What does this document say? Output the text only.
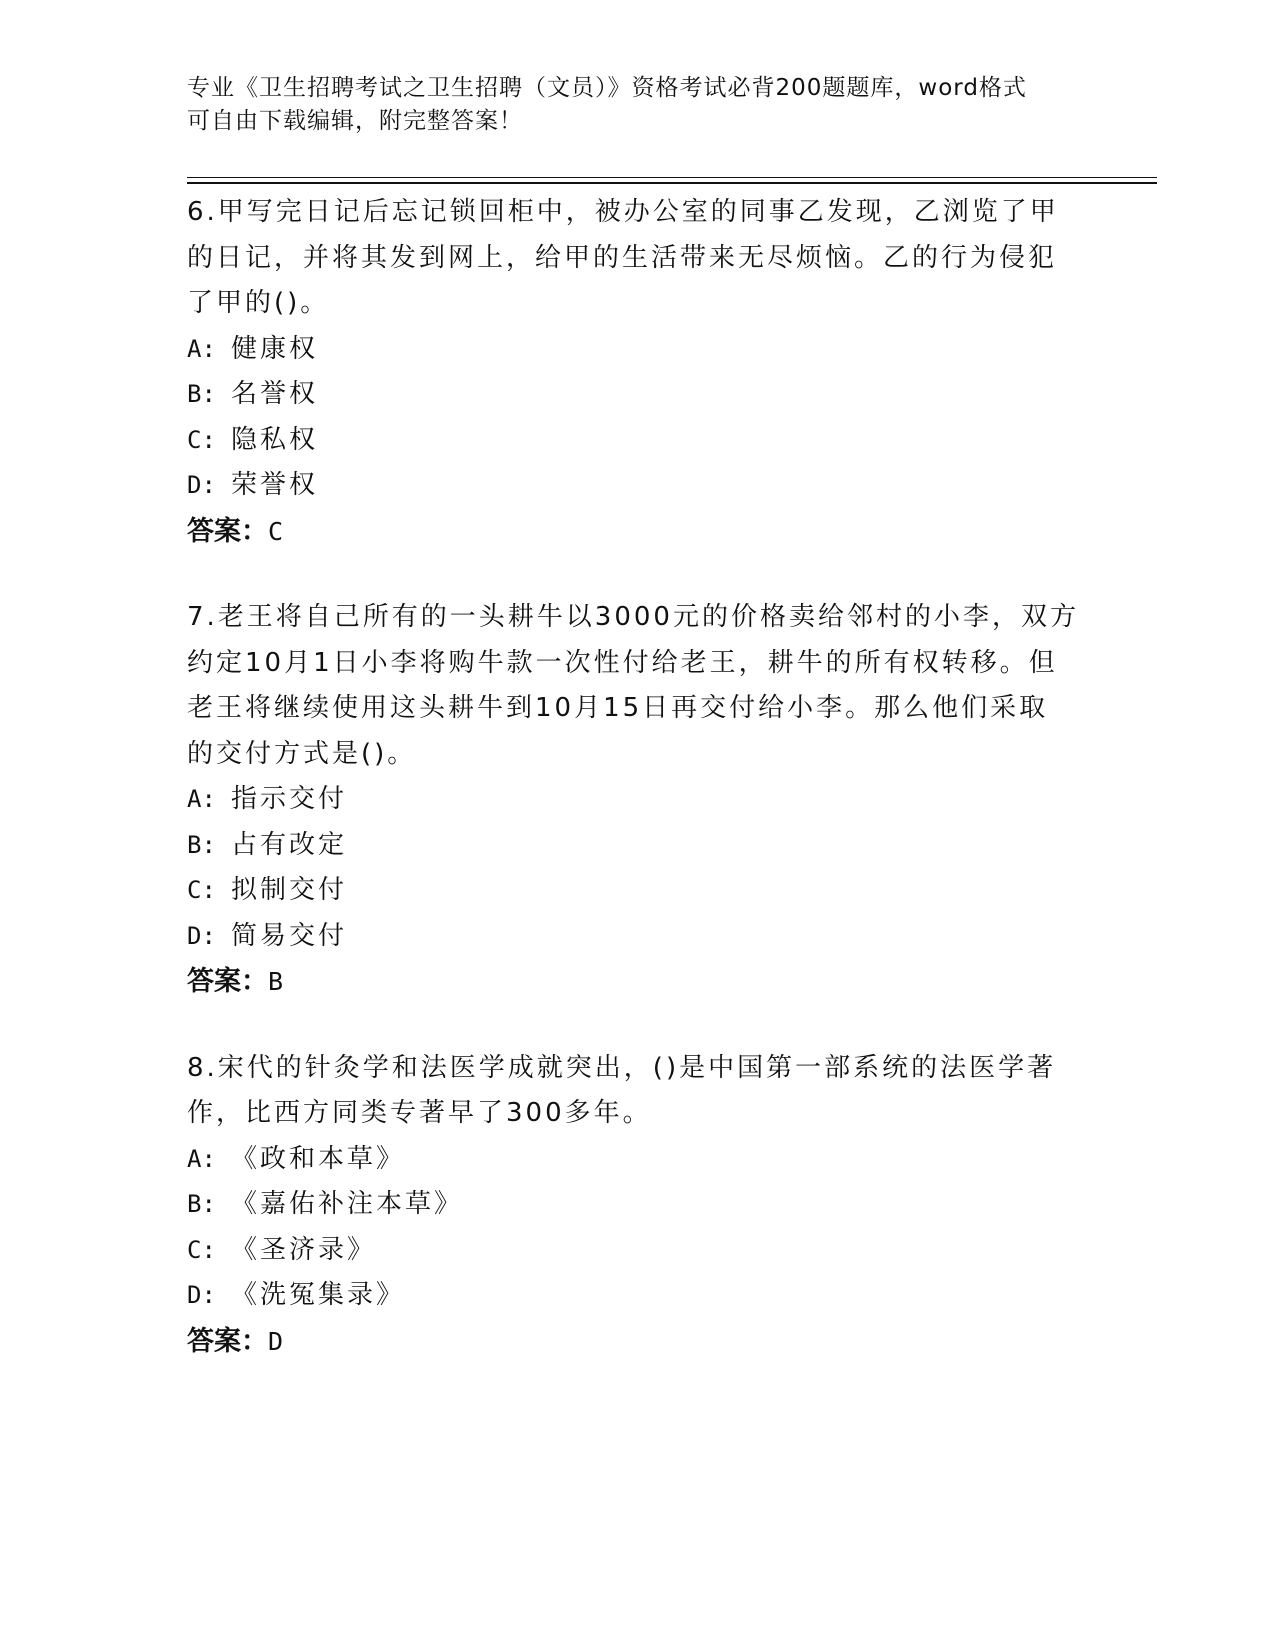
专业《卫生招聘考试之卫生招聘（文员）》资格考试必背200题题库，word格式
可自由下载编辑，附完整答案！
6.甲写完日记后忘记锁回柜中，被办公室的同事乙发现，乙浏览了甲
的日记，并将其发到网上，给甲的生活带来无尽烦恼。乙的行为侵犯
了甲的()。
A: 健康权
B: 名誉权
C: 隐私权
D: 荣誉权
答案：C
7.老王将自己所有的一头耕牛以3000元的价格卖给邻村的小李，双方
约定10月1日小李将购牛款一次性付给老王，耕牛的所有权转移。但
老王将继续使用这头耕牛到10月15日再交付给小李。那么他们采取
的交付方式是()。
A: 指示交付
B: 占有改定
C: 拟制交付
D: 简易交付
答案：B
8.宋代的针灸学和法医学成就突出，()是中国第一部系统的法医学著
作，比西方同类专著早了300多年。
A: 《政和本草》
B: 《嘉佑补注本草》
C: 《圣济录》
D: 《洗冤集录》
答案：D
